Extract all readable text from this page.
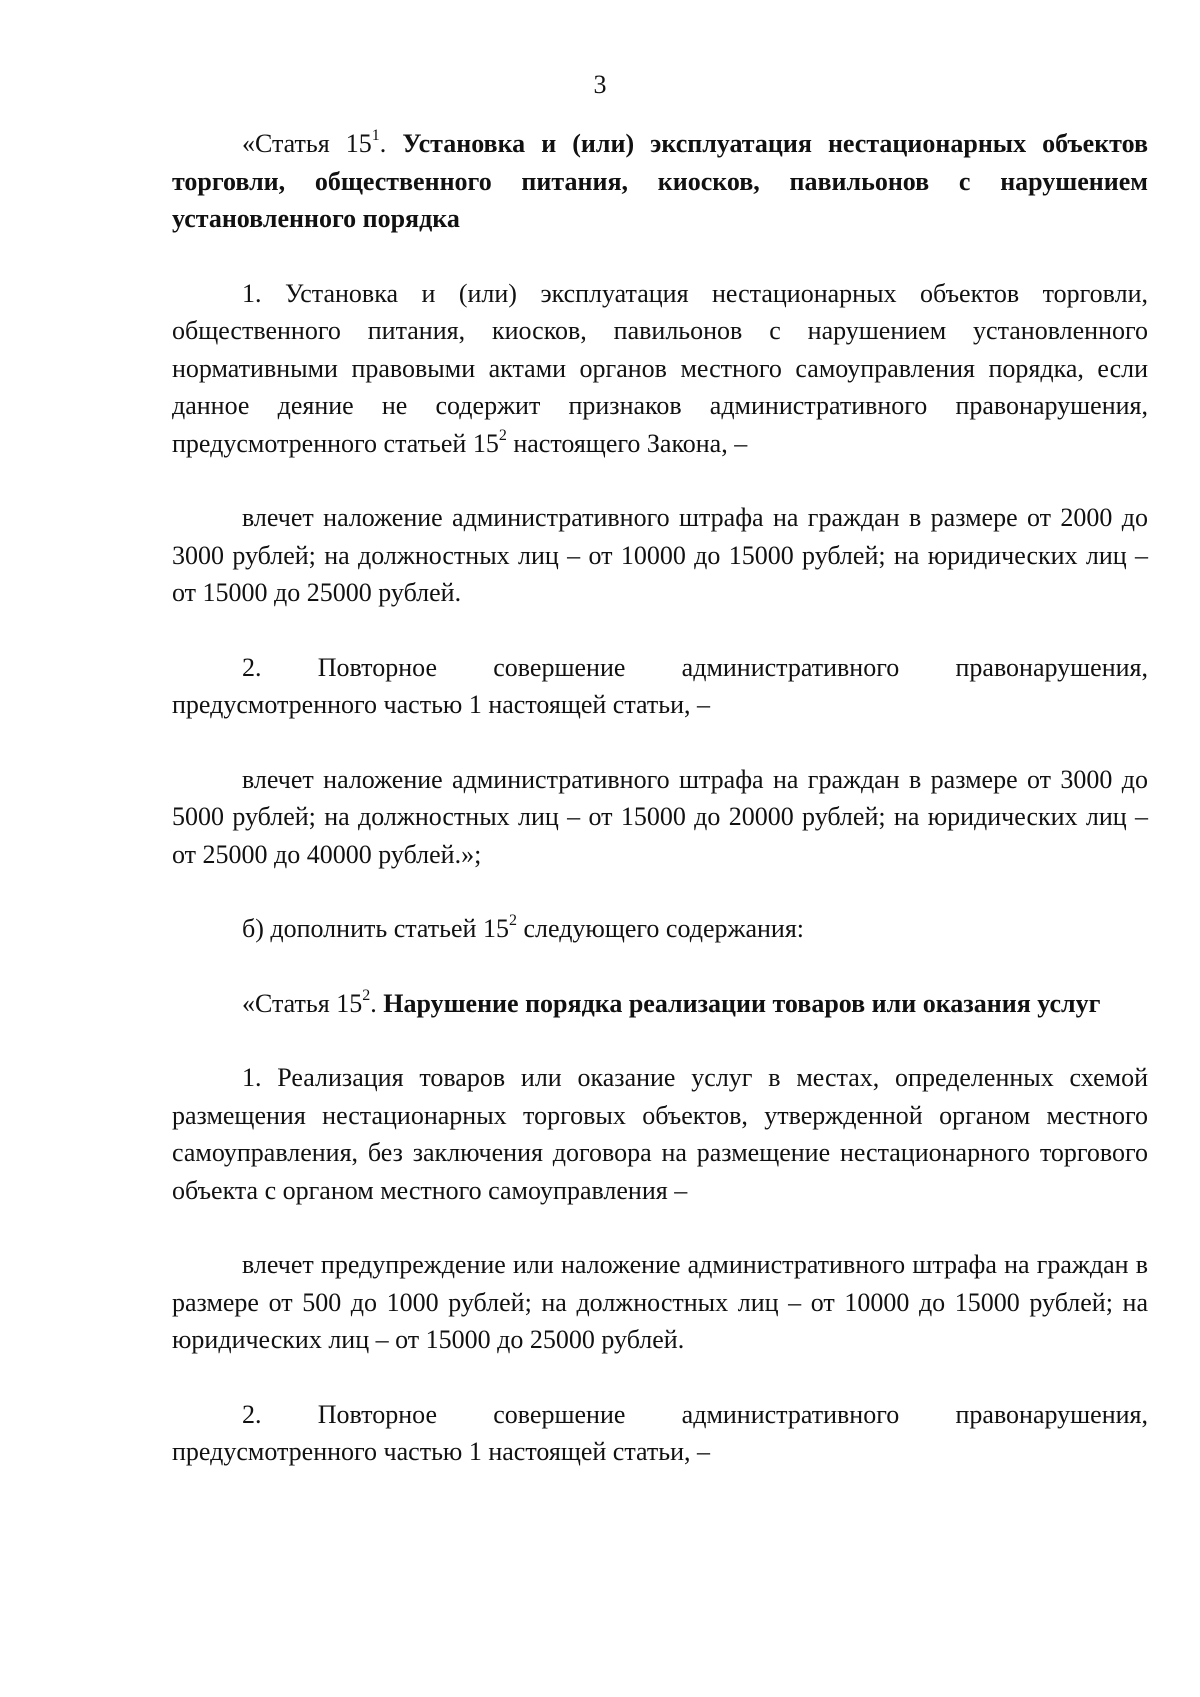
3

«Статья $15^1$. Установка и (или) эксплуатация нестационарных объектов торговли, общественного питания, киосков, павильонов с нарушением установленного порядка

1. Установка и (или) эксплуатация нестационарных объектов торговли, общественного питания, киосков, павильонов с нарушением установленного нормативными правовыми актами органов местного самоуправления порядка, если данное деяние не содержит признаков административного правонарушения, предусмотренного статьей $15^2$ настоящего Закона, –

влечет наложение административного штрафа на граждан в размере от 2000 до 3000 рублей; на должностных лиц – от 10000 до 15000 рублей; на юридических лиц – от 15000 до 25000 рублей.

2. Повторное совершение административного правонарушения, предусмотренного частью 1 настоящей статьи, –

влечет наложение административного штрафа на граждан в размере от 3000 до 5000 рублей; на должностных лиц – от 15000 до 20000 рублей; на юридических лиц – от 25000 до 40000 рублей.»;

б) дополнить статьей $15^2$ следующего содержания:

«Статья $15^2$. Нарушение порядка реализации товаров или оказания услуг

1. Реализация товаров или оказание услуг в местах, определенных схемой размещения нестационарных торговых объектов, утвержденной органом местного самоуправления, без заключения договора на размещение нестационарного торгового объекта с органом местного самоуправления –

влечет предупреждение или наложение административного штрафа на граждан в размере от 500 до 1000 рублей; на должностных лиц – от 10000 до 15000 рублей; на юридических лиц – от 15000 до 25000 рублей.

2. Повторное совершение административного правонарушения, предусмотренного частью 1 настоящей статьи, –
